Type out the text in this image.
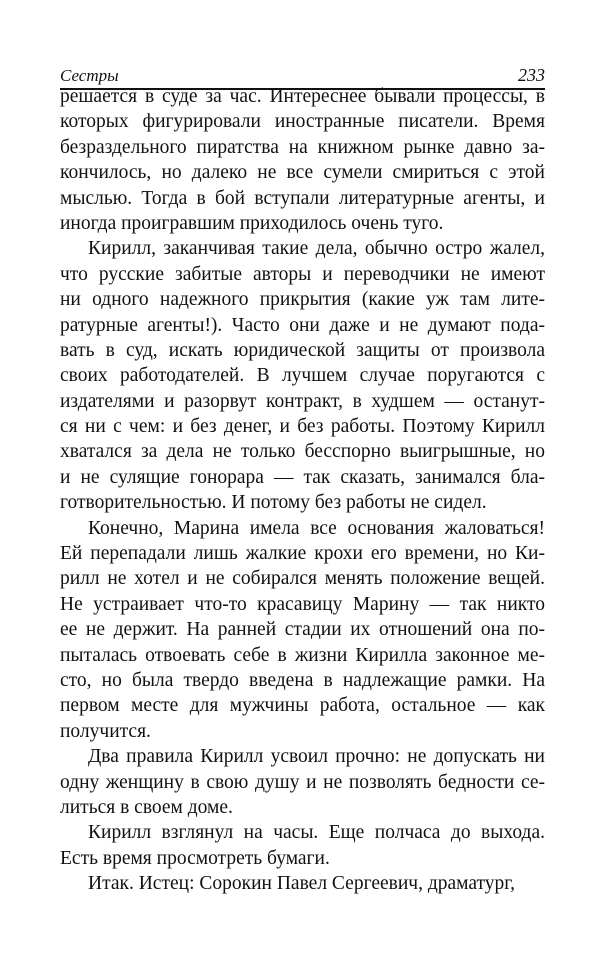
Сестры	233
решается в суде за час. Интереснее бывали процессы, в
которых фигурировали иностранные писатели. Время
безраздельного пиратства на книжном рынке давно за-
кончилось, но далеко не все сумели смириться с этой
мыслью. Тогда в бой вступали литературные агенты, и
иногда проигравшим приходилось очень туго.
Кирилл, заканчивая такие дела, обычно остро жалел,
что русские забитые авторы и переводчики не имеют
ни одного надежного прикрытия (какие уж там лите-
ратурные агенты!). Часто они даже и не думают пода-
вать в суд, искать юридической защиты от произвола
своих работодателей. В лучшем случае поругаются с
издателями и разорвут контракт, в худшем — останут-
ся ни с чем: и без денег, и без работы. Поэтому Кирилл
хватался за дела не только бесспорно выигрышные, но
и не сулящие гонорара — так сказать, занимался бла-
готворительностью. И потому без работы не сидел.
Конечно, Марина имела все основания жаловаться!
Ей перепадали лишь жалкие крохи его времени, но Ки-
рилл не хотел и не собирался менять положение вещей.
Не устраивает что-то красавицу Марину — так никто
ее не держит. На ранней стадии их отношений она по-
пыталась отвоевать себе в жизни Кирилла законное ме-
сто, но была твердо введена в надлежащие рамки. На
первом месте для мужчины работа, остальное — как
получится.
Два правила Кирилл усвоил прочно: не допускать ни
одну женщину в свою душу и не позволять бедности се-
литься в своем доме.
Кирилл взглянул на часы. Еще полчаса до выхода.
Есть время просмотреть бумаги.
Итак. Истец: Сорокин Павел Сергеевич, драматург,
